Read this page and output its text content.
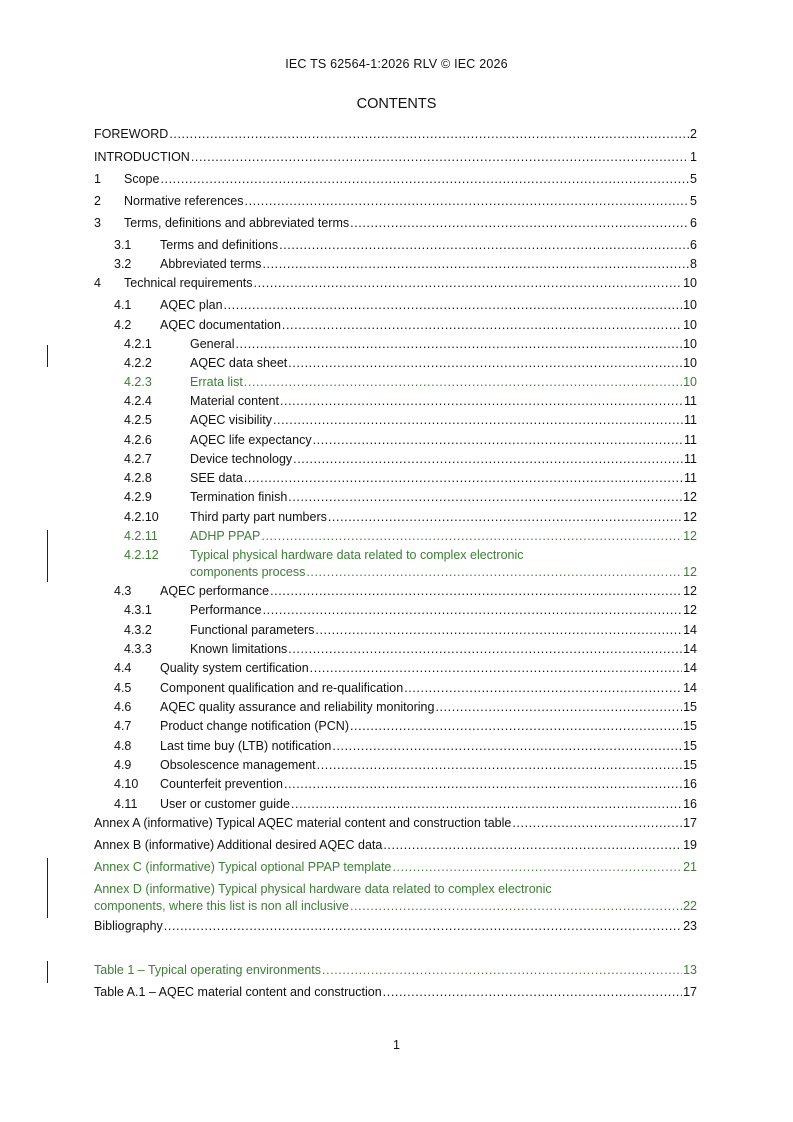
IEC TS 62564-1:2026 RLV © IEC 2026
CONTENTS
FOREWORD .....	2
INTRODUCTION .....	1
1 Scope .....	5
2 Normative references .....	5
3 Terms, definitions and abbreviated terms .....	6
3.1 Terms and definitions .....	6
3.2 Abbreviated terms .....	8
4 Technical requirements .....	10
4.1 AQEC plan .....	10
4.2 AQEC documentation .....	10
4.2.1	General .....	10
4.2.2	AQEC data sheet .....	10
4.2.3	Errata list .....	10
4.2.4	Material content .....	11
4.2.5	AQEC visibility .....	11
4.2.6	AQEC life expectancy .....	11
4.2.7	Device technology .....	11
4.2.8	SEE data .....	11
4.2.9	Termination finish .....	12
4.2.10 Third party part numbers .....	12
4.2.11	ADHP PPAP .....	12
4.2.12 Typical physical hardware data related to complex electronic
components process .....	12
4.3 AQEC performance .....	12
4.3.1	Performance .....	12
4.3.2	Functional parameters .....	14
4.3.3	Known limitations .....	14
4.4 Quality system certification .....	14
4.5 Component qualification and re-qualification .....	14
4.6 AQEC quality assurance and reliability monitoring .....	15
4.7 Product change notification (PCN) .....	15
4.8 Last time buy (LTB) notification .....	15
4.9 Obsolescence management .....	15
4.10 Counterfeit prevention .....	16
4.11 User or customer guide .....	16
Annex A (informative) Typical AQEC material content and construction table .....	17
Annex B (informative) Additional desired AQEC data .....	19
Annex C (informative) Typical optional PPAP template .....	21
Annex D (informative) Typical physical hardware data related to complex electronic
components, where this list is non all inclusive .....	22
Bibliography .....	23
Table 1 – Typical operating environments .....	13
Table A.1 – AQEC material content and construction .....	17
1
